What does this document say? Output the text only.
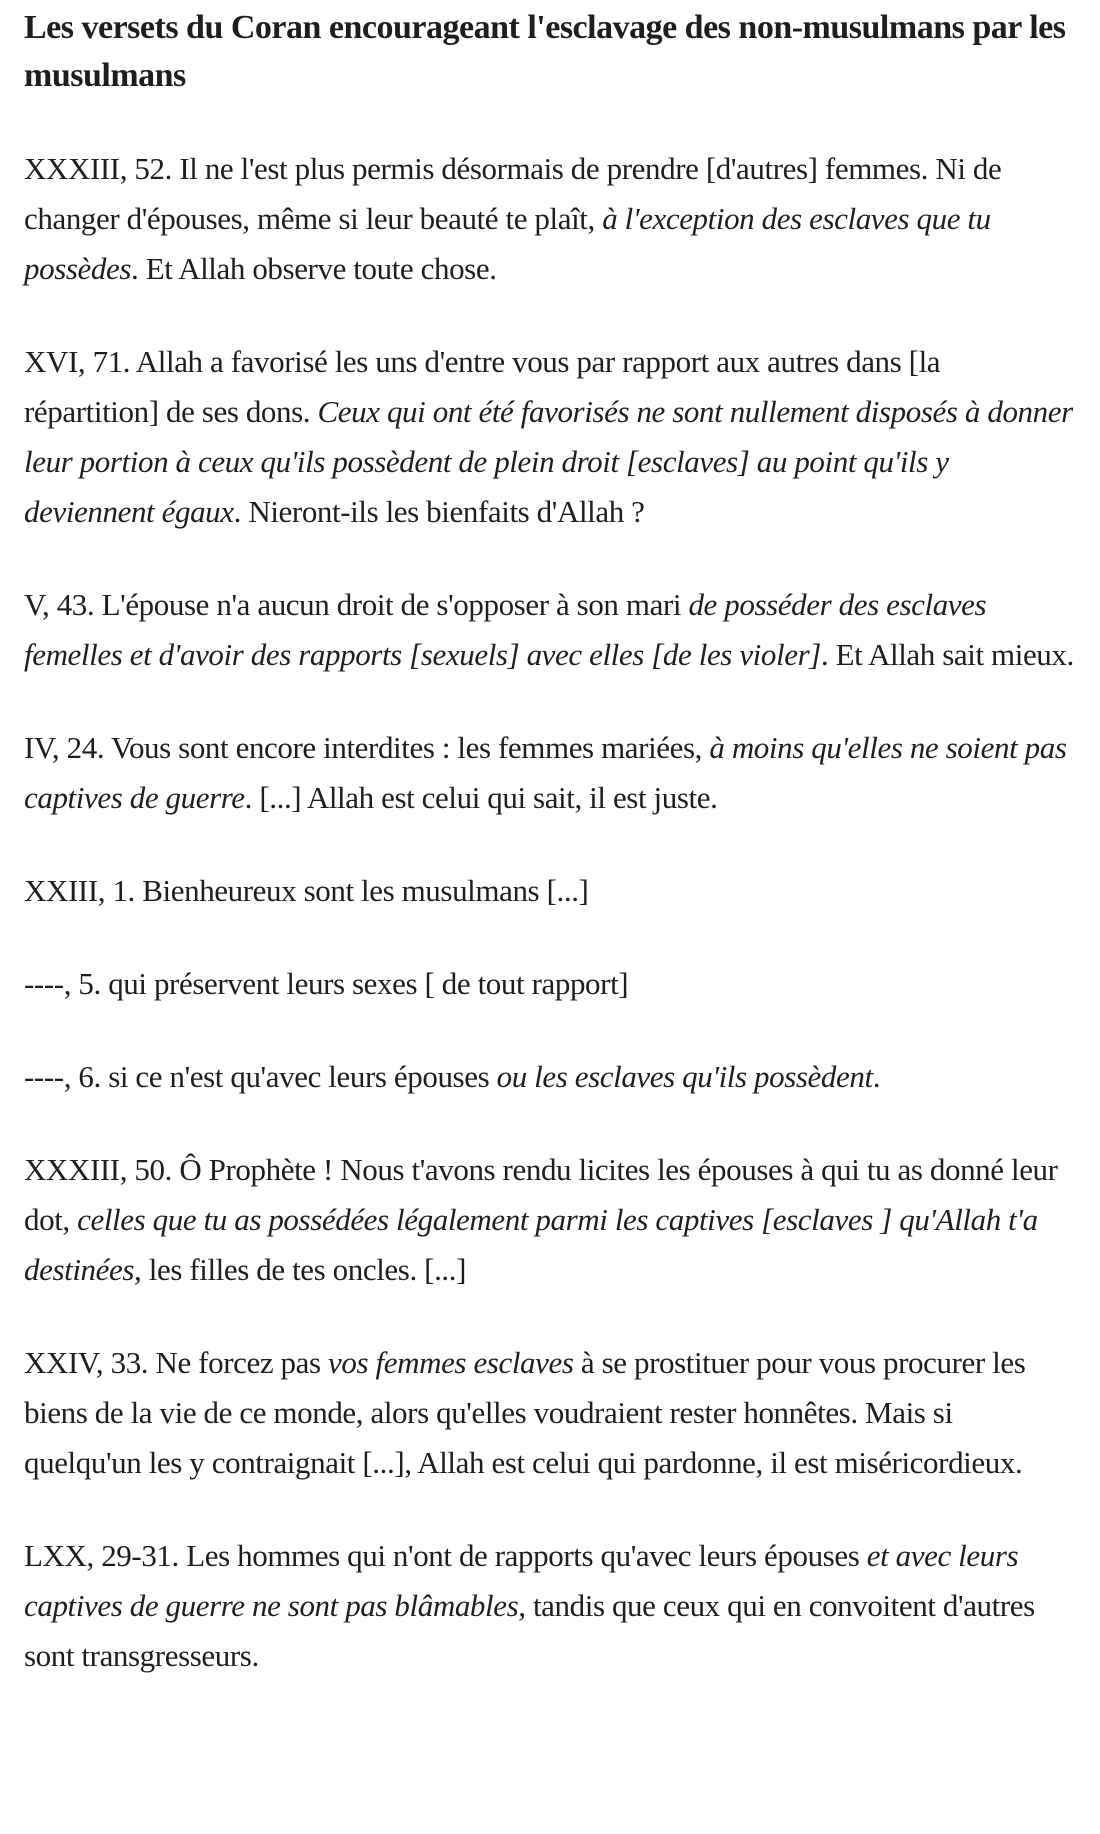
Les versets du Coran encourageant l'esclavage des non-musulmans par les musulmans

XXXIII, 52. Il ne l'est plus permis désormais de prendre [d'autres] femmes. Ni de changer d'épouses, même si leur beauté te plaît, à l'exception des esclaves que tu possèdes. Et Allah observe toute chose.

XVI, 71. Allah a favorisé les uns d'entre vous par rapport aux autres dans [la répartition] de ses dons. Ceux qui ont été favorisés ne sont nullement disposés à donner leur portion à ceux qu'ils possèdent de plein droit [esclaves] au point qu'ils y deviennent égaux. Nieront-ils les bienfaits d'Allah ?

V, 43. L'épouse n'a aucun droit de s'opposer à son mari de posséder des esclaves femelles et d'avoir des rapports [sexuels] avec elles [de les violer]. Et Allah sait mieux.

IV, 24. Vous sont encore interdites : les femmes mariées, à moins qu'elles ne soient pas captives de guerre. [...] Allah est celui qui sait, il est juste.

XXIII, 1. Bienheureux sont les musulmans [...]

----, 5. qui préservent leurs sexes [ de tout rapport]

----, 6. si ce n'est qu'avec leurs épouses ou les esclaves qu'ils possèdent.

XXXIII, 50. Ô Prophète ! Nous t'avons rendu licites les épouses à qui tu as donné leur dot, celles que tu as possédées légalement parmi les captives [esclaves ] qu'Allah t'a destinées, les filles de tes oncles. [...]

XXIV, 33. Ne forcez pas vos femmes esclaves à se prostituer pour vous procurer les biens de la vie de ce monde, alors qu'elles voudraient rester honnêtes. Mais si quelqu'un les y contraignait [...], Allah est celui qui pardonne, il est miséricordieux.

LXX, 29-31. Les hommes qui n'ont de rapports qu'avec leurs épouses et avec leurs captives de guerre ne sont pas blâmables, tandis que ceux qui en convoitent d'autres sont transgresseurs.
